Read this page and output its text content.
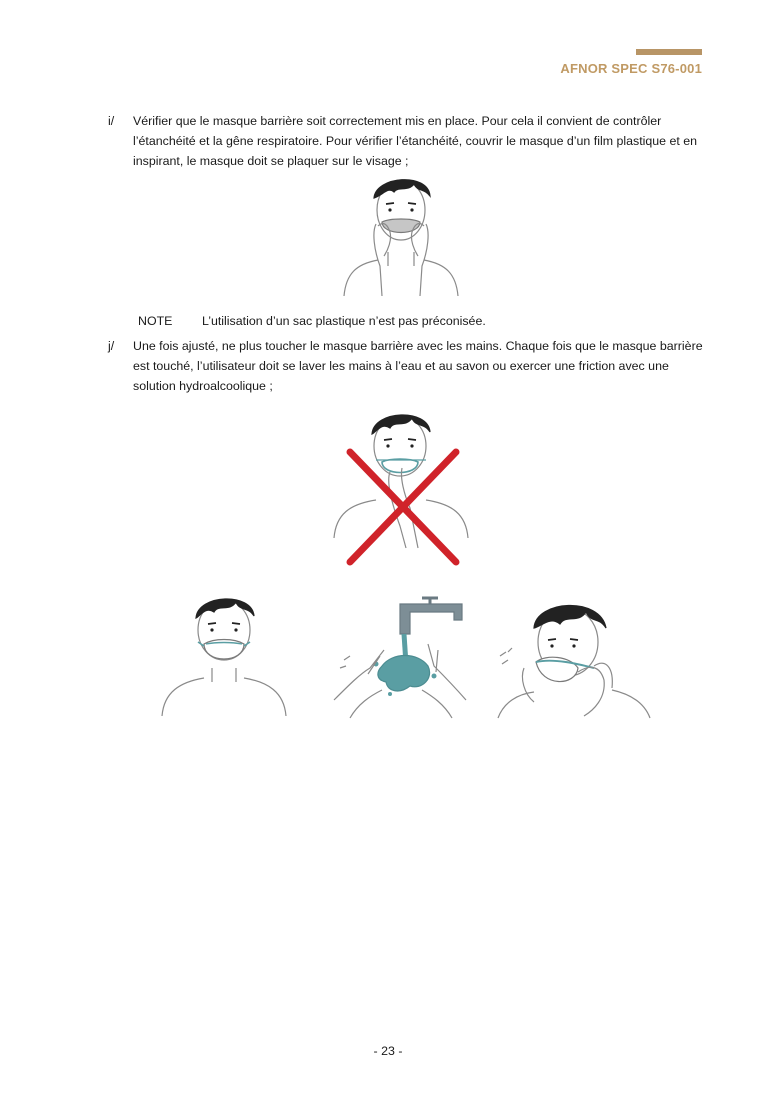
AFNOR SPEC S76-001
i/	Vérifier que le masque barrière soit correctement mis en place. Pour cela il convient de contrôler l’étanchéité et la gêne respiratoire. Pour vérifier l’étanchéité, couvrir le masque d’un film plastique et en inspirant, le masque doit se plaquer sur le visage ;
NOTE L’utilisation d’un sac plastique n’est pas préconisée.
j/	Une fois ajusté, ne plus toucher le masque barrière avec les mains. Chaque fois que le masque barrière est touché, l’utilisateur doit se laver les mains à l’eau et au savon ou exercer une friction avec une solution hydroalcoolique ;
- 23 -
